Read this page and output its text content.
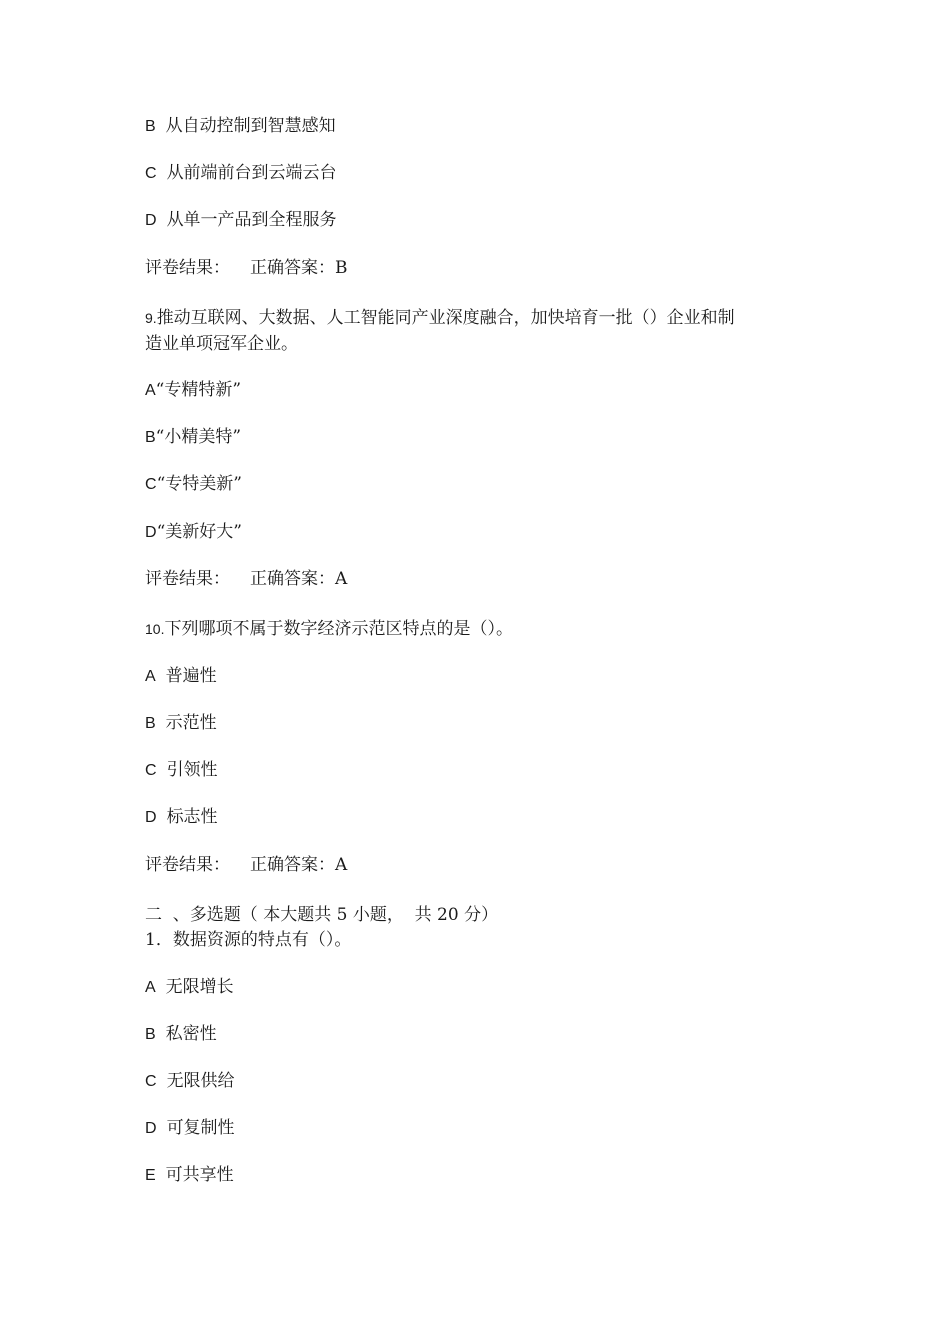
B 从自动控制到智慧感知
C 从前端前台到云端云台
D 从单一产品到全程服务
评卷结果： 正确答案：B
9.推动互联网、大数据、人工智能同产业深度融合，加快培育一批（）企业和制
造业单项冠军企业。
A“专精特新”
B“小精美特”
C“专特美新”
D“美新好大”
评卷结果： 正确答案：A
10.下列哪项不属于数字经济示范区特点的是（）。
A 普遍性
B 示范性
C 引领性
D 标志性
评卷结果： 正确答案：A
二  、多选题（ 本大题共 5 小题，  共 20 分）
1．数据资源的特点有（）。
A 无限增长
B 私密性
C 无限供给
D 可复制性
E 可共享性
